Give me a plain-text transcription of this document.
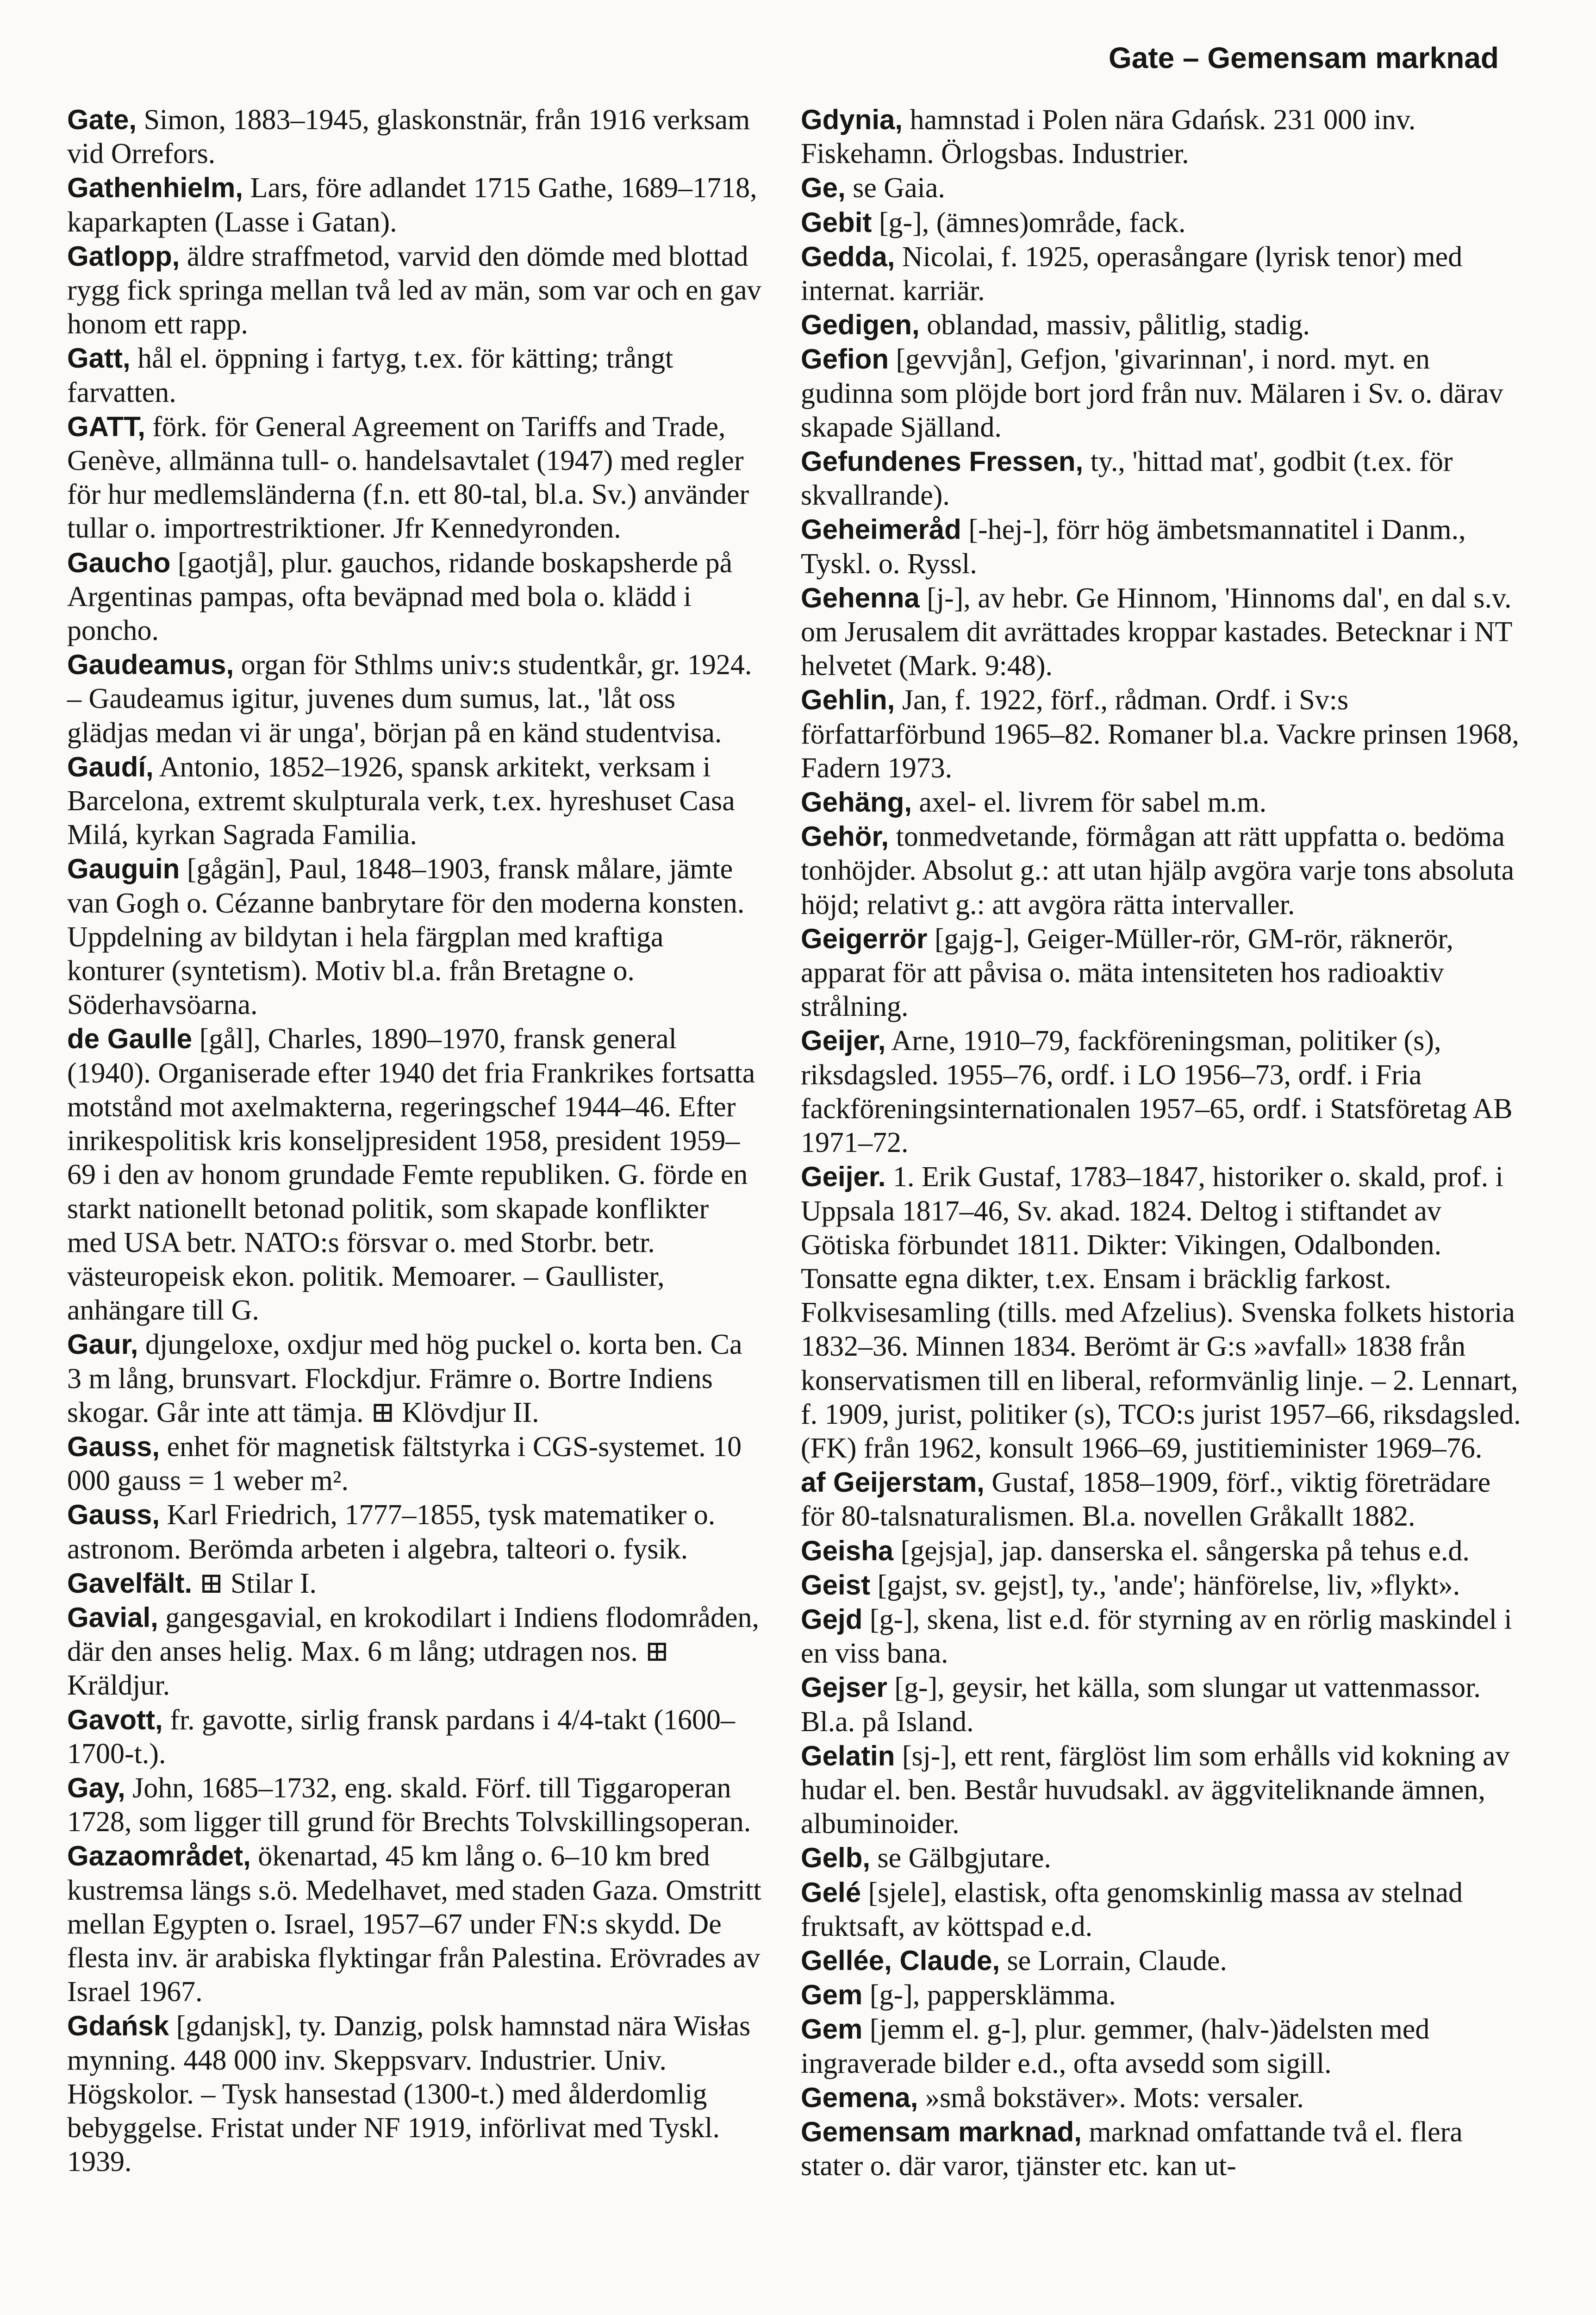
Gate – Gemensam marknad

Gate, Simon, 1883–1945, glaskonstnär, från 1916 verksam vid Orrefors.

Gathenhielm, Lars, före adlandet 1715 Gathe, 1689–1718, kaparkapten (Lasse i Gatan).

Gatlopp, äldre straffmetod, varvid den dömde med blottad rygg fick springa mellan två led av män, som var och en gav honom ett rapp.

Gatt, hål el. öppning i fartyg, t.ex. för kätting; trångt farvatten.

GATT, förk. för General Agreement on Tariffs and Trade, Genève, allmänna tull- o. handelsavtalet (1947) med regler för hur medlemsländerna (f.n. ett 80-tal, bl.a. Sv.) använder tullar o. importrestriktioner. Jfr Kennedyronden.

Gaucho [gaotjå], plur. gauchos, ridande boskapsherde på Argentinas pampas, ofta beväpnad med bola o. klädd i poncho.

Gaudeamus, organ för Sthlms univ:s studentkår, gr. 1924. – Gaudeamus igitur, juvenes dum sumus, lat., 'låt oss glädjas medan vi är unga', början på en känd studentvisa.

Gaudí, Antonio, 1852–1926, spansk arkitekt, verksam i Barcelona, extremt skulpturala verk, t.ex. hyreshuset Casa Milá, kyrkan Sagrada Familia.

Gauguin [gågän], Paul, 1848–1903, fransk målare, jämte van Gogh o. Cézanne banbrytare för den moderna konsten. Uppdelning av bildytan i hela färgplan med kraftiga konturer (syntetism). Motiv bl.a. från Bretagne o. Söderhavsöarna.

de Gaulle [gål], Charles, 1890–1970, fransk general (1940). Organiserade efter 1940 det fria Frankrikes fortsatta motstånd mot axelmakterna, regeringschef 1944–46. Efter inrikespolitisk kris konseljpresident 1958, president 1959–69 i den av honom grundade Femte republiken. G. förde en starkt nationellt betonad politik, som skapade konflikter med USA betr. NATO:s försvar o. med Storbr. betr. västeuropeisk ekon. politik. Memoarer. – Gaullister, anhängare till G.

Gaur, djungeloxe, oxdjur med hög puckel o. korta ben. Ca 3 m lång, brunsvart. Flockdjur. Främre o. Bortre Indiens skogar. Går inte att tämja. ⊞ Klövdjur II.

Gauss, enhet för magnetisk fältstyrka i CGS-systemet. 10 000 gauss = 1 weber m².

Gauss, Karl Friedrich, 1777–1855, tysk matematiker o. astronom. Berömda arbeten i algebra, talteori o. fysik.

Gavelfält. ⊞ Stilar I.

Gavial, gangesgavial, en krokodilart i Indiens flodområden, där den anses helig. Max. 6 m lång; utdragen nos. ⊞ Kräldjur.

Gavott, fr. gavotte, sirlig fransk pardans i 4/4-takt (1600–1700-t.).

Gay, John, 1685–1732, eng. skald. Förf. till Tiggaroperan 1728, som ligger till grund för Brechts Tolvskillingsoperan.

Gazaområdet, ökenartad, 45 km lång o. 6–10 km bred kustremsa längs s.ö. Medelhavet, med staden Gaza. Omstritt mellan Egypten o. Israel, 1957–67 under FN:s skydd. De flesta inv. är arabiska flyktingar från Palestina. Erövrades av Israel 1967.

Gdańsk [gdanjsk], ty. Danzig, polsk hamnstad nära Wisłas mynning. 448 000 inv. Skeppsvarv. Industrier. Univ. Högskolor. – Tysk hansestad (1300-t.) med ålderdomlig bebyggelse. Fristat under NF 1919, införlivat med Tyskl. 1939.

Gdynia, hamnstad i Polen nära Gdańsk. 231 000 inv. Fiskehamn. Örlogsbas. Industrier.

Ge, se Gaia.

Gebit [g-], (ämnes)område, fack.

Gedda, Nicolai, f. 1925, operasångare (lyrisk tenor) med internat. karriär.

Gedigen, oblandad, massiv, pålitlig, stadig.

Gefion [gevvjån], Gefjon, 'givarinnan', i nord. myt. en gudinna som plöjde bort jord från nuv. Mälaren i Sv. o. därav skapade Själland.

Gefundenes Fressen, ty., 'hittad mat', godbit (t.ex. för skvallrande).

Geheimeråd [-hej-], förr hög ämbetsmannatitel i Danm., Tyskl. o. Ryssl.

Gehenna [j-], av hebr. Ge Hinnom, 'Hinnoms dal', en dal s.v. om Jerusalem dit avrättades kroppar kastades. Betecknar i NT helvetet (Mark. 9:48).

Gehlin, Jan, f. 1922, förf., rådman. Ordf. i Sv:s författarförbund 1965–82. Romaner bl.a. Vackre prinsen 1968, Fadern 1973.

Gehäng, axel- el. livrem för sabel m.m.

Gehör, tonmedvetande, förmågan att rätt uppfatta o. bedöma tonhöjder. Absolut g.: att utan hjälp avgöra varje tons absoluta höjd; relativt g.: att avgöra rätta intervaller.

Geigerrör [gajg-], Geiger-Müller-rör, GM-rör, räknerör, apparat för att påvisa o. mäta intensiteten hos radioaktiv strålning.

Geijer, Arne, 1910–79, fackföreningsman, politiker (s), riksdagsled. 1955–76, ordf. i LO 1956–73, ordf. i Fria fackföreningsinternationalen 1957–65, ordf. i Statsföretag AB 1971–72.

Geijer. 1. Erik Gustaf, 1783–1847, historiker o. skald, prof. i Uppsala 1817–46, Sv. akad. 1824. Deltog i stiftandet av Götiska förbundet 1811. Dikter: Vikingen, Odalbonden. Tonsatte egna dikter, t.ex. Ensam i bräcklig farkost. Folkvisesamling (tills. med Afzelius). Svenska folkets historia 1832–36. Minnen 1834. Berömt är G:s »avfall» 1838 från konservatismen till en liberal, reformvänlig linje. – 2. Lennart, f. 1909, jurist, politiker (s), TCO:s jurist 1957–66, riksdagsled. (FK) från 1962, konsult 1966–69, justitieminister 1969–76.

af Geijerstam, Gustaf, 1858–1909, förf., viktig företrädare för 80-talsnaturalismen. Bl.a. novellen Gråkallt 1882.

Geisha [gejsja], jap. danserska el. sångerska på tehus e.d.

Geist [gajst, sv. gejst], ty., 'ande'; hänförelse, liv, »flykt».

Gejd [g-], skena, list e.d. för styrning av en rörlig maskindel i en viss bana.

Gejser [g-], geysir, het källa, som slungar ut vattenmassor. Bl.a. på Island.

Gelatin [sj-], ett rent, färglöst lim som erhålls vid kokning av hudar el. ben. Består huvudsakl. av äggviteliknande ämnen, albuminoider.

Gelb, se Gälbgjutare.

Gelé [sjele], elastisk, ofta genomskinlig massa av stelnad fruktsaft, av köttspad e.d.

Gellée, Claude, se Lorrain, Claude.

Gem [g-], pappersklämma.

Gem [jemm el. g-], plur. gemmer, (halv-)ädelsten med ingraverade bilder e.d., ofta avsedd som sigill.

Gemena, »små bokstäver». Mots: versaler.

Gemensam marknad, marknad omfattande två el. flera stater o. där varor, tjänster etc. kan ut-
